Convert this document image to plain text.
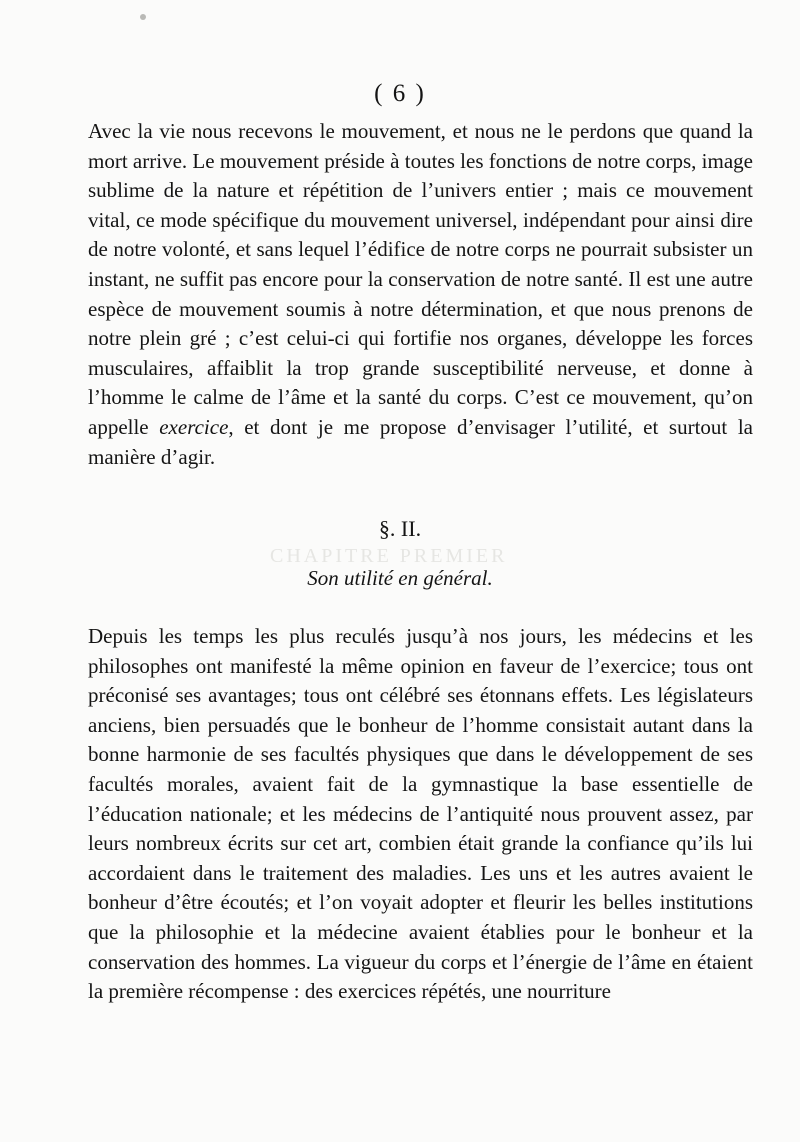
( 6 )

Avec la vie nous recevons le mouvement, et nous ne le perdons que quand la mort arrive. Le mouvement préside à toutes les fonctions de notre corps, image sublime de la nature et répétition de l’univers entier ; mais ce mouvement vital, ce mode spécifique du mouvement universel, indépendant pour ainsi dire de notre volonté, et sans lequel l’édifice de notre corps ne pourrait subsister un instant, ne suffit pas encore pour la conservation de notre santé. Il est une autre espèce de mouvement soumis à notre détermination, et que nous prenons de notre plein gré ; c’est celui-ci qui fortifie nos organes, développe les forces musculaires, affaiblit la trop grande susceptibilité nerveuse, et donne à l’homme le calme de l’âme et la santé du corps. C’est ce mouvement, qu’on appelle exercice, et dont je me propose d’envisager l’utilité, et surtout la manière d’agir.

CHAPITRE PREMIER
§. II.
Son utilité en général.

Depuis les temps les plus reculés jusqu’à nos jours, les médecins et les philosophes ont manifesté la même opinion en faveur de l’exercice; tous ont préconisé ses avantages; tous ont célébré ses étonnans effets. Les législateurs anciens, bien persuadés que le bonheur de l’homme consistait autant dans la bonne harmonie de ses facultés physiques que dans le développement de ses facultés morales, avaient fait de la gymnastique la base essentielle de l’éducation nationale; et les médecins de l’antiquité nous prouvent assez, par leurs nombreux écrits sur cet art, combien était grande la confiance qu’ils lui accordaient dans le traitement des maladies. Les uns et les autres avaient le bonheur d’être écoutés; et l’on voyait adopter et fleurir les belles institutions que la philosophie et la médecine avaient établies pour le bonheur et la conservation des hommes. La vigueur du corps et l’énergie de l’âme en étaient la première récompense : des exercices répétés, une nourriture
